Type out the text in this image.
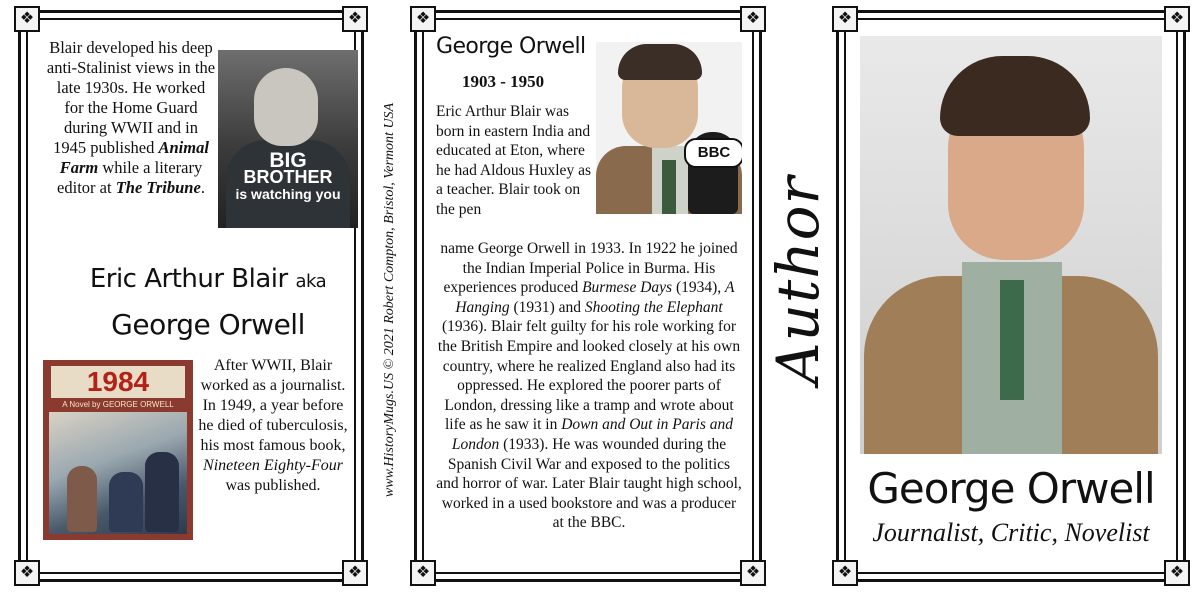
❖	❖
❖	❖
Blair developed his deep anti-Stalinist views in the late 1930s. He worked for the Home Guard during WWII and in 1945 published Animal Farm while a literary editor at The Tribune.
BIG
BROTHER
is watching you
Eric Arthur Blair aka
George Orwell
1984
A Novel by GEORGE ORWELL
After WWII, Blair worked as a journalist. In 1949, a year before he died of tuberculosis, his most famous book, Nineteen Eighty-Four was published.	www.HistoryMugs.US © 2021 Robert Compton, Bristol, Vermont USA
❖	❖
❖	❖
George Orwell
1903 - 1950
BBC
Eric Arthur Blair was born in eastern India and educated at Eton, where he had Aldous Huxley as a teacher. Blair took on the pen
name George Orwell in 1933. In 1922 he joined the Indian Imperial Police in Burma. His experiences produced Burmese Days (1934), A Hanging (1931) and Shooting the Elephant (1936). Blair felt guilty for his role working for the British Empire and looked closely at his own country, where he realized England also had its oppressed. He explored the poorer parts of London, dressing like a tramp and wrote about life as he saw it in Down and Out in Paris and London (1933). He was wounded during the Spanish Civil War and exposed to the politics and horror of war. Later Blair taught high school, worked in a used bookstore and was a producer at the BBC.
Author
❖	❖
❖	❖
George Orwell
Journalist, Critic, Novelist
